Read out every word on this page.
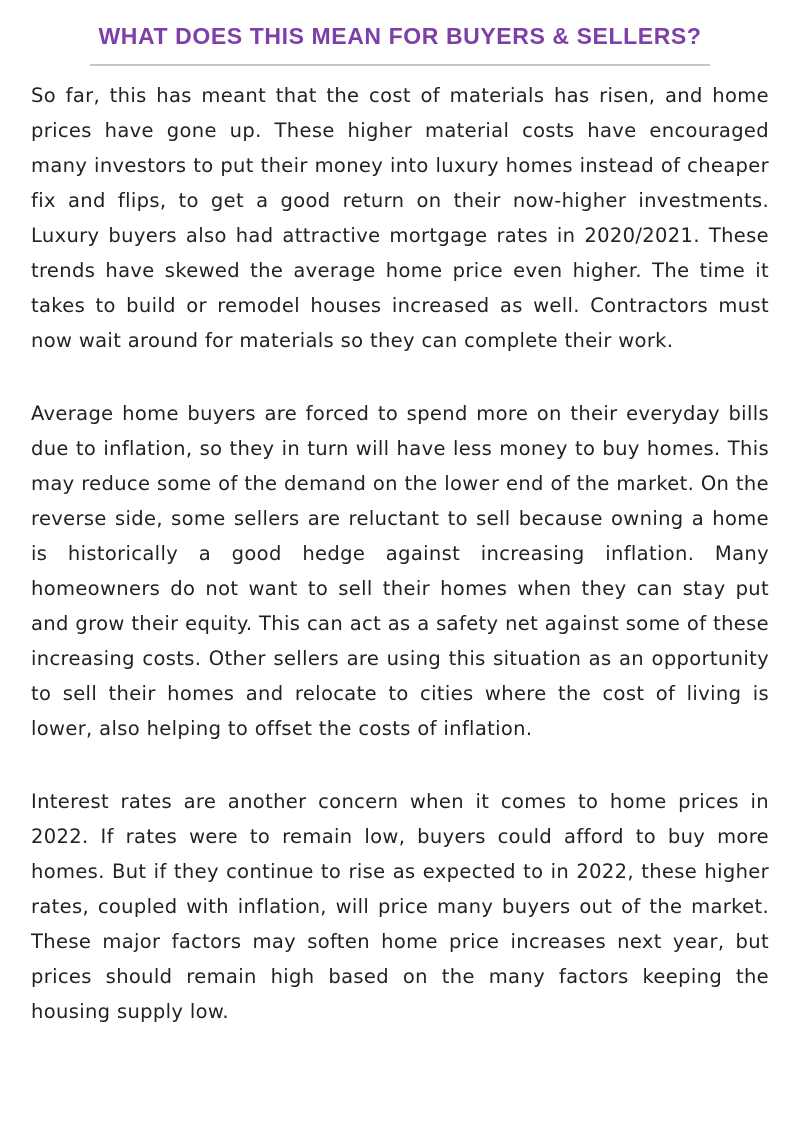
WHAT DOES THIS MEAN FOR BUYERS & SELLERS?

So far, this has meant that the cost of materials has risen, and home prices have gone up. These higher material costs have encouraged many investors to put their money into luxury homes instead of cheaper fix and flips, to get a good return on their now-higher investments. Luxury buyers also had attractive mortgage rates in 2020/2021. These trends have skewed the average home price even higher. The time it takes to build or remodel houses increased as well. Contractors must now wait around for materials so they can complete their work.

Average home buyers are forced to spend more on their everyday bills due to inflation, so they in turn will have less money to buy homes. This may reduce some of the demand on the lower end of the market. On the reverse side, some sellers are reluctant to sell because owning a home is historically a good hedge against increasing inflation. Many homeowners do not want to sell their homes when they can stay put and grow their equity. This can act as a safety net against some of these increasing costs. Other sellers are using this situation as an opportunity to sell their homes and relocate to cities where the cost of living is lower, also helping to offset the costs of inflation.

Interest rates are another concern when it comes to home prices in 2022. If rates were to remain low, buyers could afford to buy more homes. But if they continue to rise as expected to in 2022, these higher rates, coupled with inflation, will price many buyers out of the market. These major factors may soften home price increases next year, but prices should remain high based on the many factors keeping the housing supply low.
